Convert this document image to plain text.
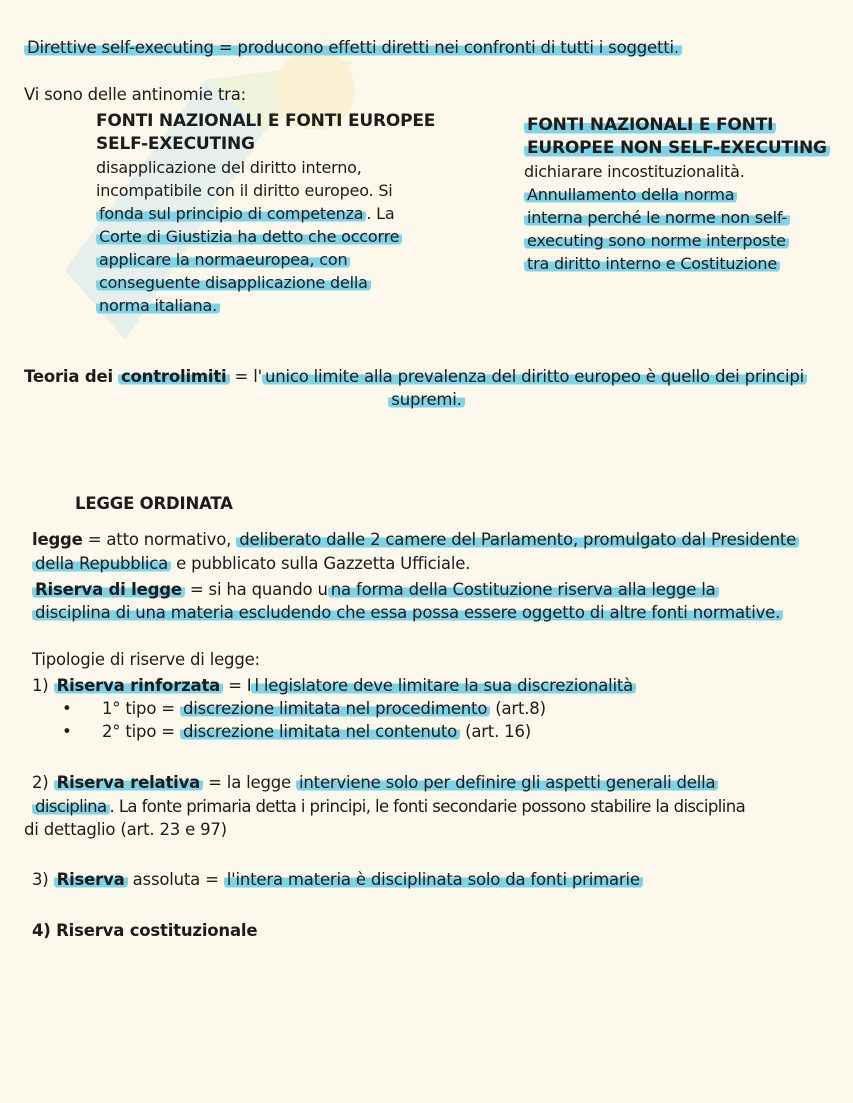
Direttive self-executing = producono effetti diretti nei confronti di tutti i soggetti.
Vi sono delle antinomie tra:
FONTI NAZIONALI E FONTI EUROPEE
SELF-EXECUTING
disapplicazione del diritto interno,
incompatibile con il diritto europeo. Si
fonda sul principio di competenza . La
Corte di Giustizia ha detto che occorre
applicare la normaeuropea, con
conseguente disapplicazione della
norma italiana.
FONTI NAZIONALI E FONTI
EUROPEE NON SELF-EXECUTING
dichiarare incostituzionalità.
Annullamento della norma
interna perché le norme non self-
executing sono norme interposte
tra diritto interno e Costituzione
Teoria dei controlimiti = l' unico limite alla prevalenza del diritto europeo è quello dei principi
supremi.
LEGGE ORDINATA
legge = atto normativo, deliberato dalle 2 camere del Parlamento, promulgato dal Presidente
della Repubblica e pubblicato sulla Gazzetta Ufficiale.
Riserva di legge = si ha quando u na forma della Costituzione riserva alla legge la
disciplina di una materia escludendo che essa possa essere oggetto di altre fonti normative.
Tipologie di riserve di legge:
1) Riserva rinforzata = I l legislatore deve limitare la sua discrezionalità
• 1° tipo = discrezione limitata nel procedimento (art.8)
• 2° tipo = discrezione limitata nel contenuto (art. 16)
2) Riserva relativa = la legge interviene solo per definire gli aspetti generali della
disciplina . La fonte primaria detta i principi, le fonti secondarie possono stabilire la disciplina
di dettaglio (art. 23 e 97)
3) Riserva assoluta = l'intera materia è disciplinata solo da fonti primarie
4) Riserva costituzionale
